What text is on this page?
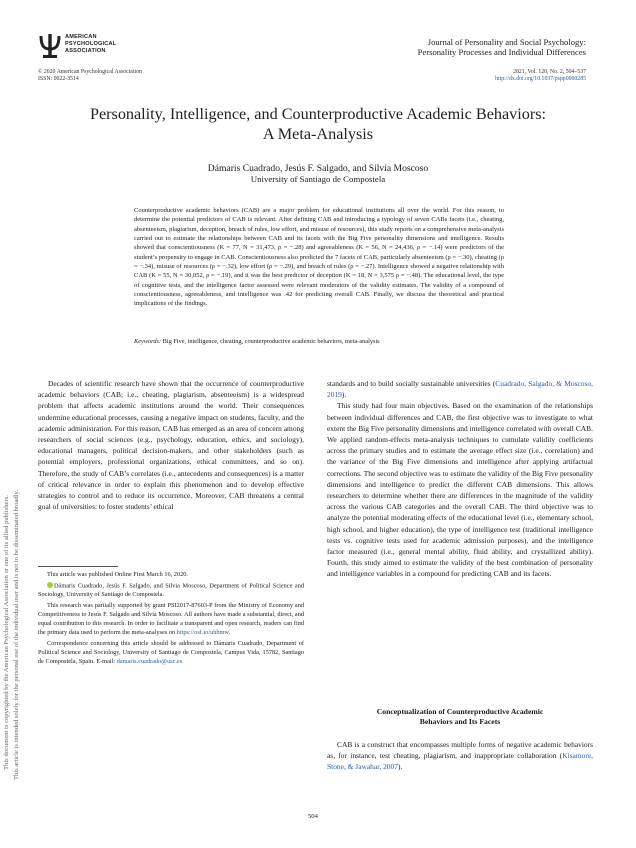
AMERICAN
PSYCHOLOGICAL
ASSOCIATION
Journal of Personality and Social Psychology:
Personality Processes and Individual Differences
© 2020 American Psychological Association
ISSN: 0022-3514
2021, Vol. 120, No. 2, 504–537
http://dx.doi.org/10.1037/pspp0000285
Personality, Intelligence, and Counterproductive Academic Behaviors:
A Meta-Analysis
Dámaris Cuadrado, Jesús F. Salgado, and Silvia Moscoso
University of Santiago de Compostela
Counterproductive academic behaviors (CAB) are a major problem for educational institutions all over the world. For this reason, to determine the potential predictors of CAB is relevant. After defining CAB and introducing a typology of seven CABs facets (i.e., cheating, absenteeism, plagiarism, deception, breach of rules, low effort, and misuse of resources), this study reports on a comprehensive meta-analysis carried out to estimate the relationships between CAB and its facets with the Big Five personality dimensions and intelligence. Results showed that conscientiousness (K = 77, N = 31,473, ρ = −.28) and agreeableness (K = 56, N = 24,436, ρ = −.14) were predictors of the student’s propensity to engage in CAB. Conscientiousness also predicted the 7 facets of CAB, particularly absenteeism (ρ = −.30), cheating (ρ = −.34), misuse of resources (ρ = −.32), low effort (ρ = −.29), and breach of rules (ρ = −.27). Intelligence showed a negative relationship with CAB (K = 55, N = 30,052, ρ = −.19), and it was the best predictor of deception (K = 18, N = 3,575 ρ = −.48). The educational level, the type of cognitive tests, and the intelligence factor assessed were relevant moderators of the validity estimates. The validity of a compound of conscientiousness, agreeableness, and intelligence was .42 for predicting overall CAB. Finally, we discuss the theoretical and practical implications of the findings.
Keywords: Big Five, intelligence, cheating, counterproductive academic behaviors, meta-analysis
This document is copyrighted by the American Psychological Association or one of its allied publishers. This article is intended solely for the personal use of the individual user and is not to be disseminated broadly.

Decades of scientific research have shown that the occurrence of counterproductive academic behaviors (CAB; i.e., cheating, plagiarism, absenteeism) is a widespread problem that affects academic institutions around the world. Their consequences undermine educational processes, causing a negative impact on students, faculty, and the academic administration. For this reason, CAB has emerged as an area of concern among researchers of social sciences (e.g., psychology, education, ethics, and sociology), educational managers, political decision-makers, and other stakeholders (such as potential employers, professional organizations, ethical committees, and so on). Therefore, the study of CAB’s correlates (i.e., antecedents and consequences) is a matter of critical relevance in order to explain this phenomenon and to develop effective strategies to control and to reduce its occurrence. Moreover, CAB threatens a central goal of universities: to foster students’ ethical

This article was published Online First March 16, 2020.

Dámaris Cuadrado, Jesús F. Salgado, and Silvia Moscoso, Department of Political Science and Sociology, University of Santiago de Compostela.

This research was partially supported by grant PSI2017-87603-P from the Ministry of Economy and Competitiveness to Jesús F. Salgado and Silvia Moscoso. All authors have made a substantial, direct, and equal contribution to this research. In order to facilitate a transparent and open research, readers can find the primary data used to perform the meta-analyses on https://osf.io/uhbmw.

Correspondence concerning this article should be addressed to Dámaris Cuadrado, Department of Political Science and Sociology, University of Santiago de Compostela, Campus Vida, 15782, Santiago de Compostela, Spain. E-mail: damaris.cuadrado@usc.es

standards and to build socially sustainable universities (Cuadrado, Salgado, & Moscoso, 2019).

This study had four main objectives. Based on the examination of the relationships between individual differences and CAB, the first objective was to investigate to what extent the Big Five personality dimensions and intelligence correlated with overall CAB. We applied random-effects meta-analysis techniques to cumulate validity coefficients across the primary studies and to estimate the average effect size (i.e., correlation) and the variance of the Big Five dimensions and intelligence after applying artifactual corrections. The second objective was to estimate the validity of the Big Five personality dimensions and intelligence to predict the different CAB dimensions. This allows researchers to determine whether there are differences in the magnitude of the validity across the various CAB categories and the overall CAB. The third objective was to analyze the potential moderating effects of the educational level (i.e., elementary school, high school, and higher education), the type of intelligence test (traditional intelligence tests vs. cognitive tests used for academic admission purposes), and the intelligence factor measured (i.e., general mental ability, fluid ability, and crystallized ability). Fourth, this study aimed to estimate the validity of the best combination of personality and intelligence variables in a compound for predicting CAB and its facets.

Conceptualization of Counterproductive Academic
Behaviors and Its Facets

CAB is a construct that encompasses multiple forms of negative academic behaviors as, for instance, test cheating, plagiarism, and inappropriate collaboration (Kisamore, Stone, & Jawahar, 2007).

504
